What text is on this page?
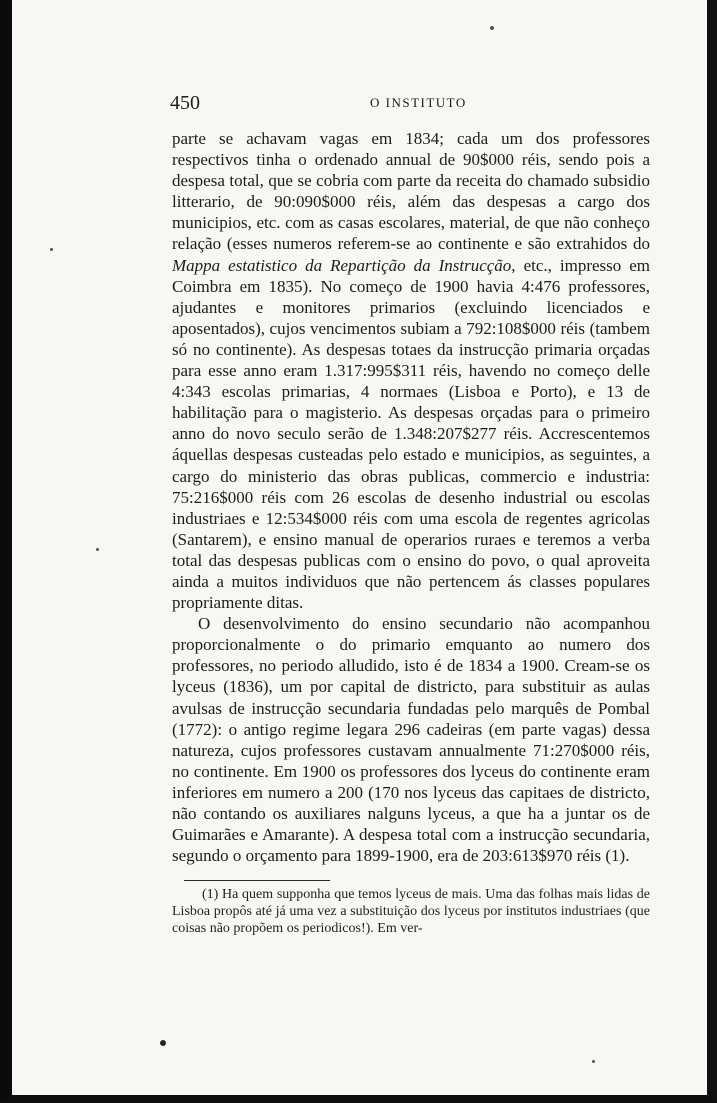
450	O INSTITUTO

parte se achavam vagas em 1834; cada um dos professores respectivos tinha o ordenado annual de 90$000 réis, sendo pois a despesa total, que se cobria com parte da receita do chamado subsidio litterario, de 90:090$000 réis, além das despesas a cargo dos municipios, etc. com as casas escolares, material, de que não conheço relação (esses numeros referem-se ao continente e são extrahidos do Mappa estatistico da Repartição da Instrucção, etc., impresso em Coimbra em 1835). No começo de 1900 havia 4:476 professores, ajudantes e monitores primarios (excluindo licenciados e aposentados), cujos vencimentos subiam a 792:108$000 réis (tambem só no continente). As despesas totaes da instrucção primaria orçadas para esse anno eram 1.317:995$311 réis, havendo no começo delle 4:343 escolas primarias, 4 normaes (Lisboa e Porto), e 13 de habilitação para o magisterio. As despesas orçadas para o primeiro anno do novo seculo serão de 1.348:207$277 réis. Accrescentemos áquellas despesas custeadas pelo estado e municipios, as seguintes, a cargo do ministerio das obras publicas, commercio e industria: 75:216$000 réis com 26 escolas de desenho industrial ou escolas industriaes e 12:534$000 réis com uma escola de regentes agricolas (Santarem), e ensino manual de operarios ruraes e teremos a verba total das despesas publicas com o ensino do povo, o qual aproveita ainda a muitos individuos que não pertencem ás classes populares propriamente ditas.

O desenvolvimento do ensino secundario não acompanhou proporcionalmente o do primario emquanto ao numero dos professores, no periodo alludido, isto é de 1834 a 1900. Cream-se os lyceus (1836), um por capital de districto, para substituir as aulas avulsas de instrucção secundaria fundadas pelo marquês de Pombal (1772): o antigo regime legara 296 cadeiras (em parte vagas) dessa natureza, cujos professores custavam annualmente 71:270$000 réis, no continente. Em 1900 os professores dos lyceus do continente eram inferiores em numero a 200 (170 nos lyceus das capitaes de districto, não contando os auxiliares nalguns lyceus, a que ha a juntar os de Guimarães e Amarante). A despesa total com a instrucção secundaria, segundo o orçamento para 1899-1900, era de 203:613$970 réis (1).

(1) Ha quem supponha que temos lyceus de mais. Uma das folhas mais lidas de Lisboa propôs até já uma vez a substituição dos lyceus por institutos industriaes (que coisas não propõem os periodicos!). Em ver-
